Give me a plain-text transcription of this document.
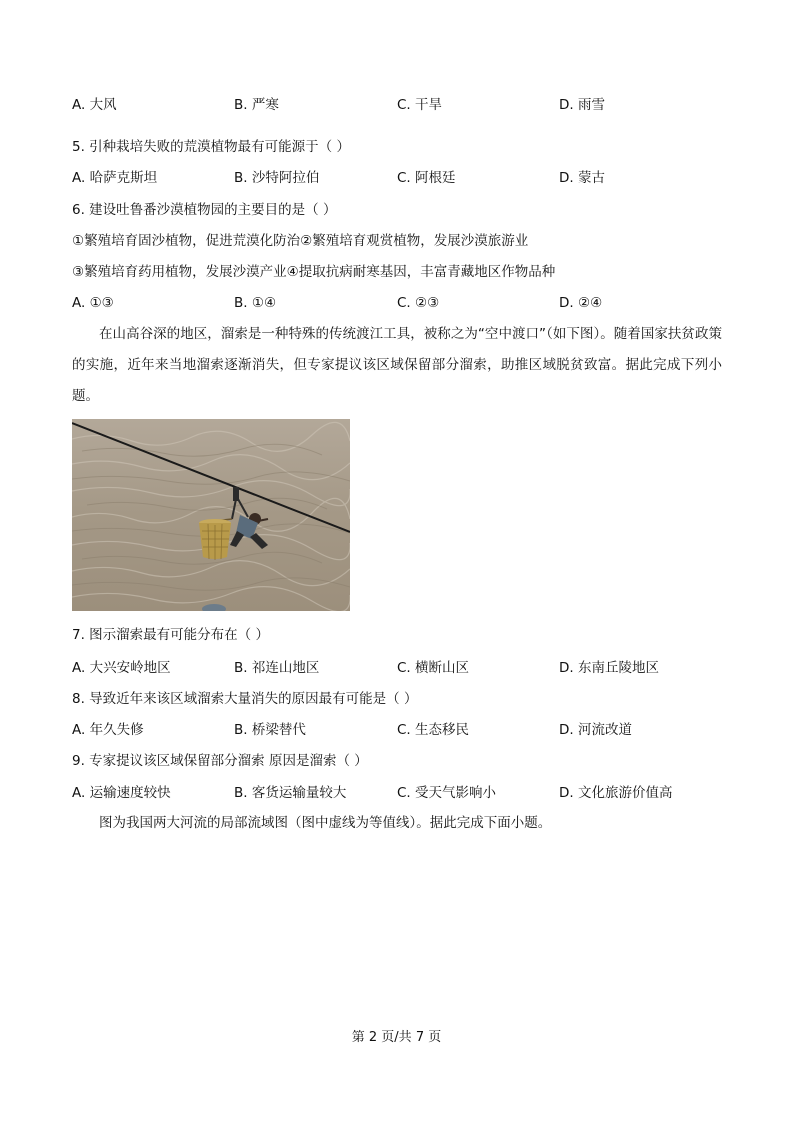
A. 大风	B. 严寒	C. 干旱	D. 雨雪
5. 引种栽培失败的荒漠植物最有可能源于（ ）
A. 哈萨克斯坦	B. 沙特阿拉伯	C. 阿根廷	D. 蒙古
6. 建设吐鲁番沙漠植物园的主要目的是（ ）
①繁殖培育固沙植物，促进荒漠化防治②繁殖培育观赏植物，发展沙漠旅游业
③繁殖培育药用植物，发展沙漠产业④提取抗病耐寒基因，丰富青藏地区作物品种
A. ①③	B. ①④	C. ②③	D. ②④
在山高谷深的地区，溜索是一种特殊的传统渡江工具，被称之为“空中渡口”（如下图）。随着国家扶贫政策的实施，近年来当地溜索逐渐消失，但专家提议该区域保留部分溜索，助推区域脱贫致富。据此完成下列小题。
7. 图示溜索最有可能分布在（ ）
A. 大兴安岭地区	B. 祁连山地区	C. 横断山区	D. 东南丘陵地区
8. 导致近年来该区域溜索大量消失的原因最有可能是（ ）
A. 年久失修	B. 桥梁替代	C. 生态移民	D. 河流改道
9. 专家提议该区域保留部分溜索 原因是溜索（ ）
A. 运输速度较快	B. 客货运输量较大	C. 受天气影响小	D. 文化旅游价值高
图为我国两大河流的局部流域图（图中虚线为等值线）。据此完成下面小题。
第 2 页/共 7 页
